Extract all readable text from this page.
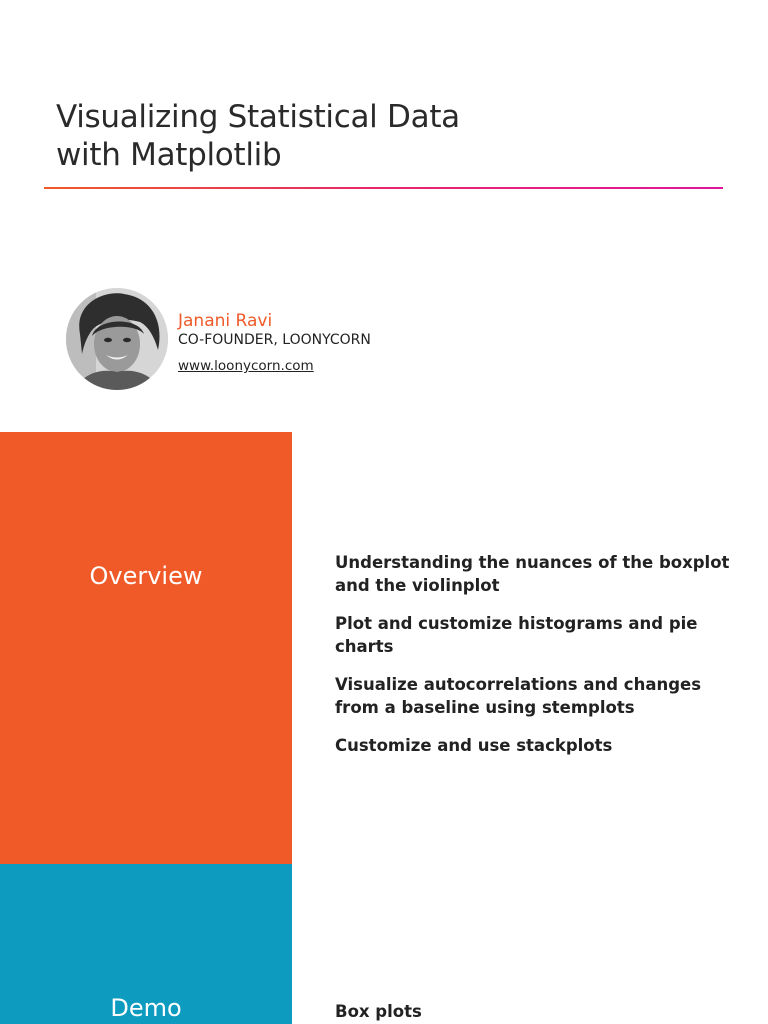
Visualizing Statistical Data
with Matplotlib
Janani Ravi
CO-FOUNDER, LOONYCORN
www.loonycorn.com
Overview	Understanding the nuances of the boxplot and the violinplot
Plot and customize histograms and pie charts
Visualize autocorrelations and changes from a baseline using stemplots
Customize and use stackplots
Demo	Box plots
